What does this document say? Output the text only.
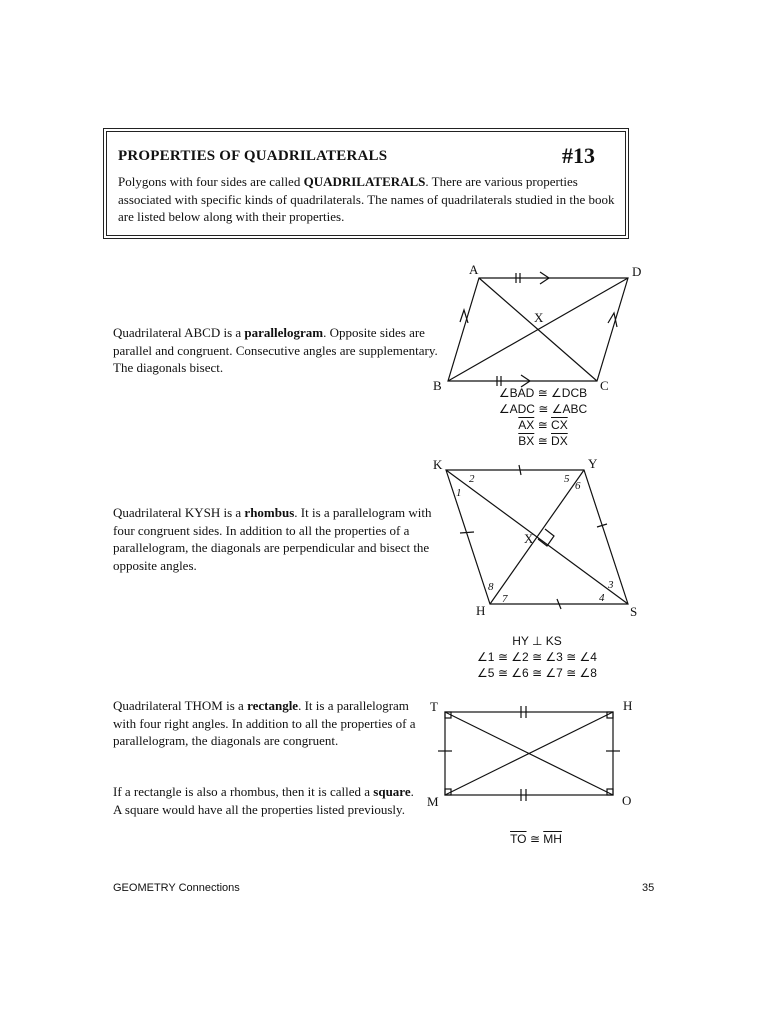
PROPERTIES OF QUADRILATERALS	#13
Polygons with four sides are called QUADRILATERALS. There are various properties associated with specific kinds of quadrilaterals. The names of quadrilaterals studied in the book are listed below along with their properties.
Quadrilateral ABCD is a parallelogram. Opposite sides are parallel and congruent. Consecutive angles are supplementary. The diagonals bisect.
Quadrilateral KYSH is a rhombus. It is a parallelogram with four congruent sides. In addition to all the properties of a parallelogram, the diagonals are perpendicular and bisect the opposite angles.
Quadrilateral THOM is a rectangle. It is a parallelogram with four right angles. In addition to all the properties of a parallelogram, the diagonals are congruent.
If a rectangle is also a rhombus, then it is called a square. A square would have all the properties listed previously.
A	D
B	C
X
K	Y
H	S
X
T	H
M	O
1
2
3
4
5
6
7
8
∠BAD ≅ ∠DCB
∠ADC ≅ ∠ABC
$\overline{AX}$ ≅ $\overline{CX}$
$\overline{BX}$ ≅ $\overline{DX}$
HY ⊥ KS
∠1 ≅ ∠2 ≅ ∠3 ≅ ∠4
∠5 ≅ ∠6 ≅ ∠7 ≅ ∠8
$\overline{TO}$ ≅ $\overline{MH}$
GEOMETRY Connections	35
